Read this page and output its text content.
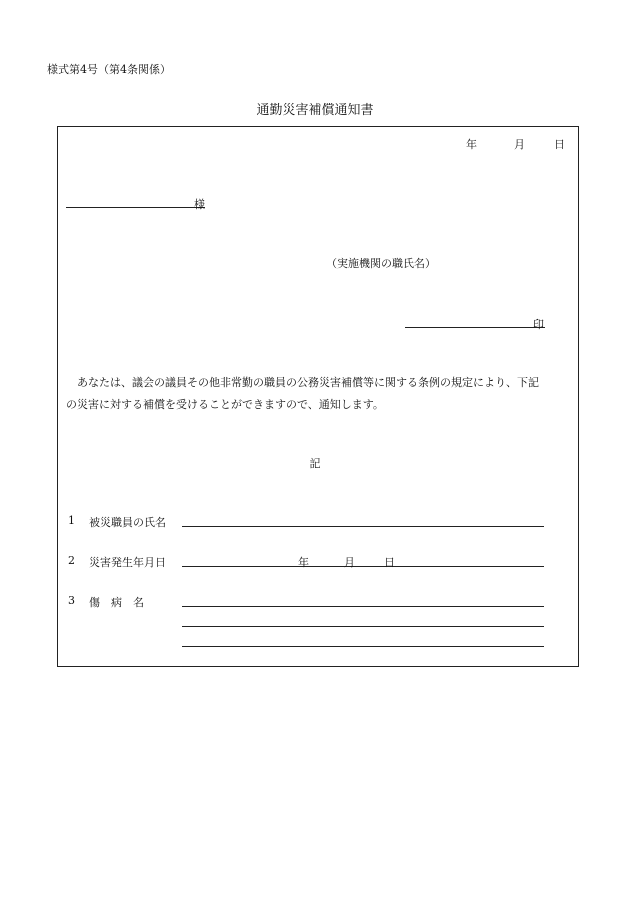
様式第4号（第4条関係）
通勤災害補償通知書
年	月	日
様
（実施機関の職氏名）
印
あなたは、議会の議員その他非常勤の職員の公務災害補償等に関する条例の規定により、下記
の災害に対する補償を受けることができますので、通知します。
記
1 被災職員の氏名
2 災害発生年月日	年	月	日
3 傷　病　名
